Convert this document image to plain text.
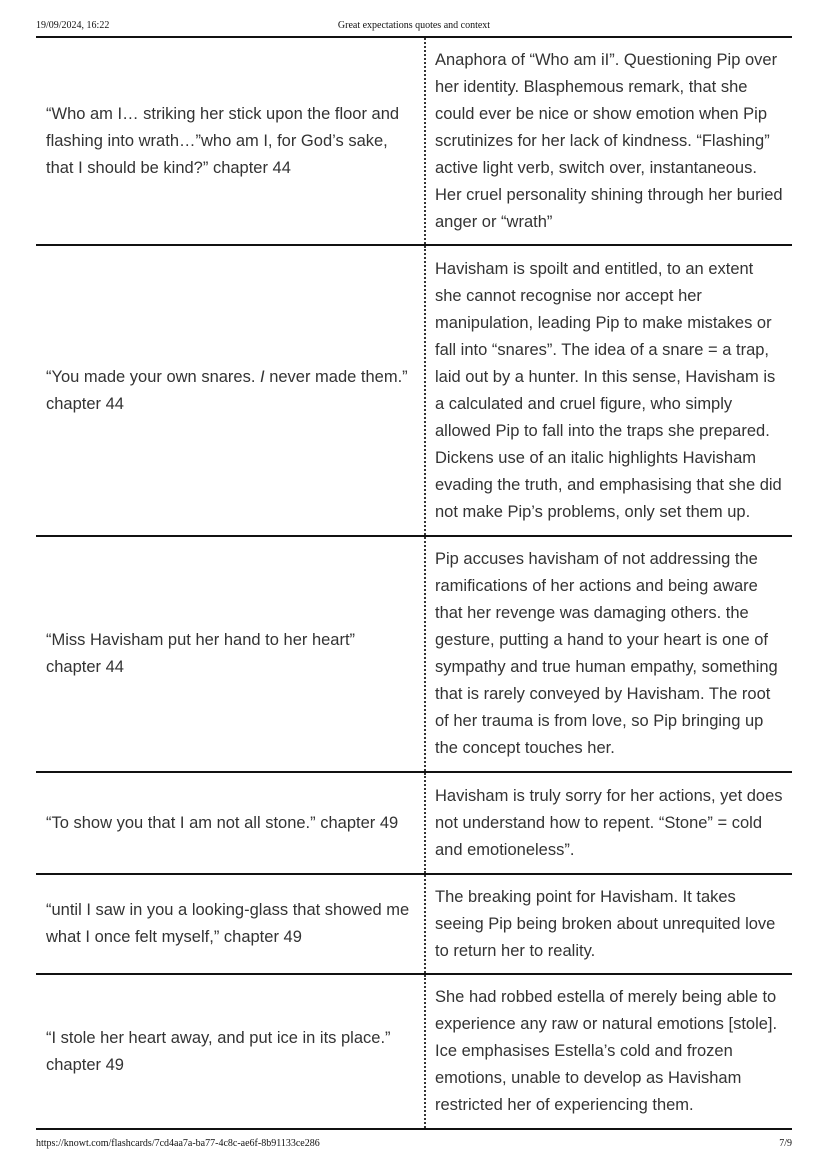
19/09/2024, 16:22	Great expectations quotes and context
“Who am I… striking her stick upon the floor and flashing into wrath…”who am I, for God’s sake, that I should be kind?” chapter 44
Anaphora of “Who am iI”. Questioning Pip over her identity. Blasphemous remark, that she could ever be nice or show emotion when Pip scrutinizes for her lack of kindness. “Flashing” active light verb, switch over, instantaneous. Her cruel personality shining through her buried anger or “wrath”
“You made your own snares. I never made them.” chapter 44
Havisham is spoilt and entitled, to an extent she cannot recognise nor accept her manipulation, leading Pip to make mistakes or fall into “snares”. The idea of a snare = a trap, laid out by a hunter. In this sense, Havisham is a calculated and cruel figure, who simply allowed Pip to fall into the traps she prepared. Dickens use of an italic highlights Havisham evading the truth, and emphasising that she did not make Pip’s problems, only set them up.
“Miss Havisham put her hand to her heart” chapter 44
Pip accuses havisham of not addressing the ramifications of her actions and being aware that her revenge was damaging others. the gesture, putting a hand to your heart is one of sympathy and true human empathy, something that is rarely conveyed by Havisham. The root of her trauma is from love, so Pip bringing up the concept touches her.
“To show you that I am not all stone.” chapter 49
Havisham is truly sorry for her actions, yet does not understand how to repent. “Stone” = cold and emotioneless”.
“until I saw in you a looking-glass that showed me what I once felt myself,” chapter 49
The breaking point for Havisham. It takes seeing Pip being broken about unrequited love to return her to reality.
“I stole her heart away, and put ice in its place.” chapter 49
She had robbed estella of merely being able to experience any raw or natural emotions [stole]. Ice emphasises Estella’s cold and frozen emotions, unable to develop as Havisham restricted her of experiencing them.
https://knowt.com/flashcards/7cd4aa7a-ba77-4c8c-ae6f-8b91133ce286	7/9
